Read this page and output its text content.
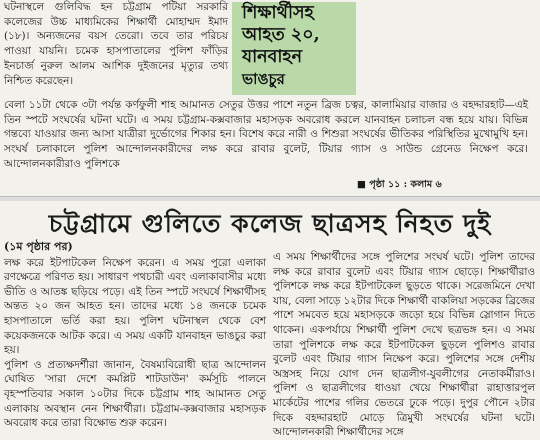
ঘটনাস্থলে গুলিবিদ্ধ হন চট্টগ্রাম পটিয়া সরকারি কলেজের উচ্চ মাধ্যমিকের শিক্ষার্থী মোহাম্মদ ইমাদ (১৮)। অন্যজনের বয়স তেরো। তবে তার পরিচয় পাওয়া যায়নি। চমেক হাসপাতালের পুলিশ ফাঁড়ির ইনচার্জ নুরুল আলম আশিক দুইজনের মৃত্যুর তথ্য নিশ্চিত করেছেন।

শিক্ষার্থীসহ
আহত ২০,
যানবাহন
ভাঙচুর

বেলা ১১টা থেকে ৩টা পর্যন্ত কর্ণফুলী শাহ আমানত সেতুর উত্তর পাশে নতুন ব্রিজ চত্বর, কালামিয়ার বাজার ও বহদ্দারহাট—এই তিন স্পটে সংঘর্ষের ঘটনা ঘটে। এ সময় চট্টগ্রাম-কক্সবাজার মহাসড়ক অবরোধ করলে যানবাহন চলাচল বন্ধ হয়ে যায়। বিভিন্ন গন্তব্যে যাওয়ার জন্য আসা যাত্রীরা দুর্ভোগের শিকার হন। বিশেষ করে নারী ও শিশুরা সংঘর্ষের ভীতিকর পরিস্থিতির মুখোমুখি হন। সংঘর্ষ চলাকালে পুলিশ আন্দোলনকারীদের লক্ষ করে রাবার বুলেট, টিয়ার গ্যাস ও সাউন্ড গ্রেনেড নিক্ষেপ করে। আন্দোলনকারীরাও পুলিশকে

■ পৃষ্ঠা ১১ : কলাম ৬
চট্টগ্রামে গুলিতে কলেজ ছাত্রসহ নিহত দুই
(১ম পৃষ্ঠার পর)

লক্ষ করে ইটপাটকেল নিক্ষেপ করেন। এ সময় পুরো এলাকা রণক্ষেত্রে পরিণত হয়। সাধারণ পথচারী এবং এলাকাবাসীর মধ্যে ভীতি ও আতঙ্ক ছড়িয়ে পড়ে। এই তিন স্পটে সংঘর্ষে শিক্ষার্থীসহ অন্তত ২০ জন আহত হন। তাদের মধ্যে ১৪ জনকে চমেক হাসপাতালে ভর্তি করা হয়। পুলিশ ঘটনাস্থল থেকে বেশ কয়েকজনকে আটক করে। এ সময় একটি যানবাহন ভাঙচুর করা হয়।

পুলিশ ও প্রত্যক্ষদর্শীরা জানান, বৈষম্যবিরোধী ছাত্র আন্দোলন ঘোষিত 'সারা দেশে কমপ্লিট শাটডাউন' কর্মসূচি পালনে বৃহস্পতিবার সকাল ১০টার দিকে চট্টগ্রাম শাহ আমানত সেতু এলাকায় অবস্থান নেন শিক্ষার্থীরা। চট্টগ্রাম-কক্সবাজার মহাসড়ক অবরোধ করে তারা বিক্ষোভ শুরু করেন।

এ সময় শিক্ষার্থীদের সঙ্গে পুলিশের সংঘর্ষ ঘটে। পুলিশ তাদের লক্ষ করে রাবার বুলেট এবং টিয়ার গ্যাস ছোড়ে। শিক্ষার্থীরাও পুলিশকে লক্ষ করে ইটপাটকেল ছুড়তে থাকে। সরেজমিনে দেখা যায়, বেলা সাড়ে ১২টার দিকে শিক্ষার্থী বাকলিয়া সড়কের ব্রিজের পাশে সমবেত হয়ে মহাসড়কে জড়ো হয়ে বিভিন্ন স্লোগান দিতে থাকেন। একপর্যায়ে শিক্ষার্থী পুলিশ দেখে ছত্রভঙ্গ হন। এ সময় তারা পুলিশকে লক্ষ করে ইটপাটকেল ছুড়লে পুলিশও রাবার বুলেট এবং টিয়ার গ্যাস নিক্ষেপ করে। পুলিশের সঙ্গে দেশীয় অস্ত্রসহ নিয়ে যোগ দেন ছাত্রলীগ-যুবলীগের নেতাকর্মীরাও। পুলিশ ও ছাত্রলীগের ধাওয়া খেয়ে শিক্ষার্থীরা রাহাত্তারপুল মার্কেটের পাশের গলির ভেতরে ঢুকে পড়ে। দুপুর পৌনে ২টার দিকে বহদ্দারহাট মোড়ে ত্রিমুখী সংঘর্ষের ঘটনা ঘটে। আন্দোলনকারী শিক্ষার্থীদের সঙ্গে
